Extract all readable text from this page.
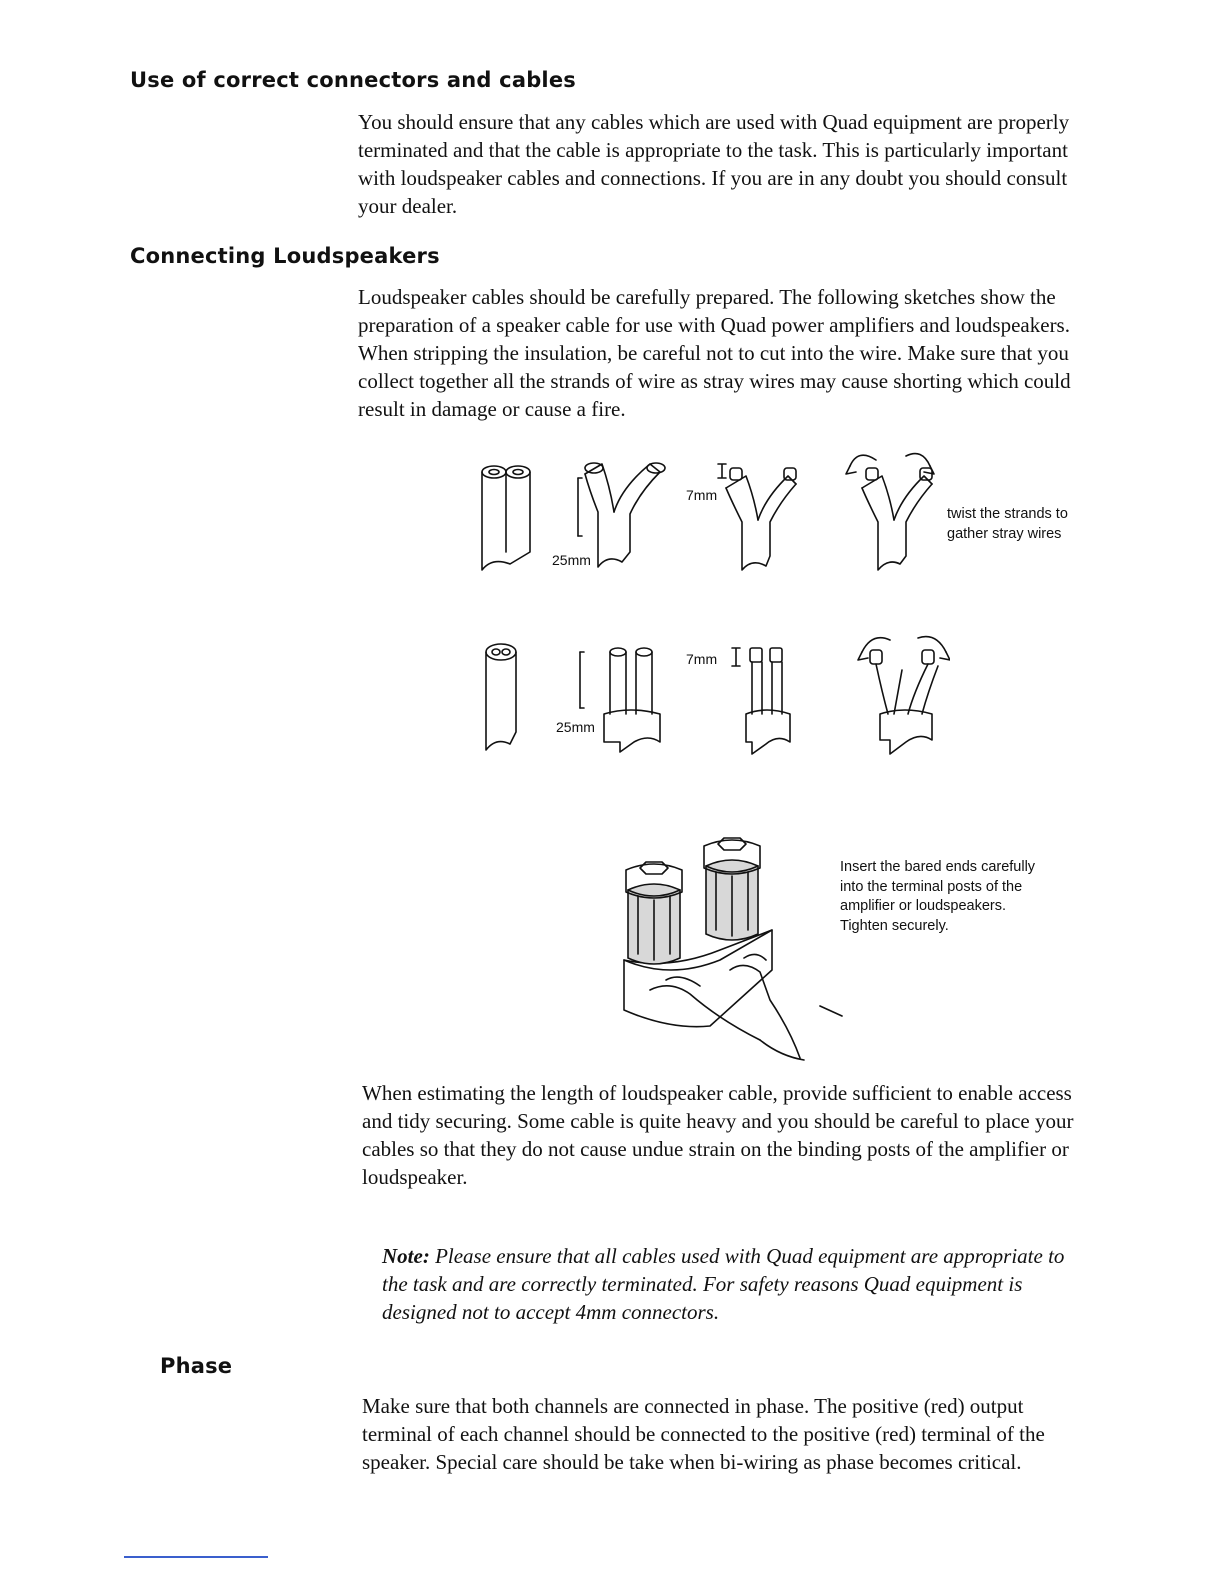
Use of correct connectors and cables

You should ensure that any cables which are used with Quad equipment are properly terminated and that the cable is appropriate to the task. This is particularly important with loudspeaker cables and connections. If you are in any doubt you should consult your dealer.

Connecting Loudspeakers

Loudspeaker cables should be carefully prepared. The following sketches show the preparation of a speaker cable for use with Quad power amplifiers and loudspeakers. When stripping the insulation, be careful not to cut into the wire. Make sure that you collect together all the strands of wire as stray wires may cause shorting which could result in damage or cause a fire.

25mm
7mm
25mm
7mm

twist the strands to
gather stray wires

Insert the bared ends carefully
into the terminal posts of the
amplifier or loudspeakers.
Tighten securely.

When estimating the length of loudspeaker cable, provide sufficient to enable access and tidy securing. Some cable is quite heavy and you should be careful to place your cables so that they do not cause undue strain on the binding posts of the amplifier or loudspeaker.

Note: Please ensure that all cables used with Quad equipment are appropriate to the task and are correctly terminated. For safety reasons Quad equipment is designed not to accept 4mm connectors.

Phase

Make sure that both channels are connected in phase. The positive (red) output terminal of each channel should be connected to the positive (red) terminal of the speaker. Special care should be take when bi-wiring as phase becomes critical.
